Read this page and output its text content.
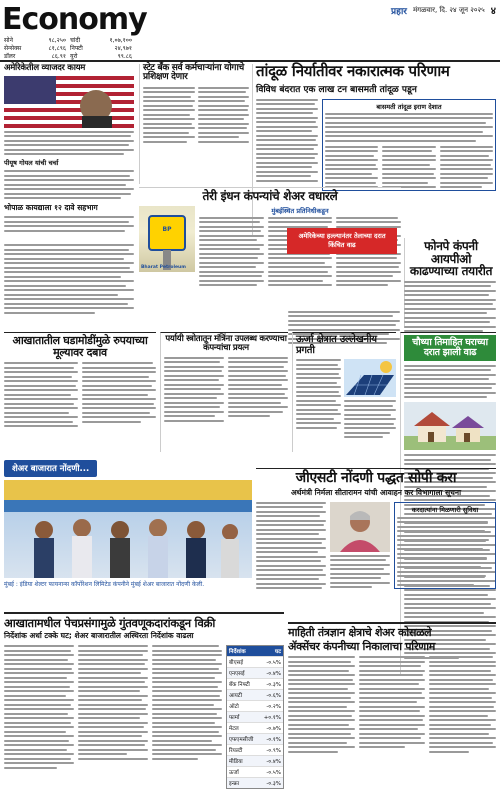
Economy
सोने	९८,२५० चांदी	१,०७,१००
सेन्सेक्स	८१,८९६ निफ्टी	२४,९७१
डॉलर	८६.९१ युरो	९९.८६
प्रहार मंगळवार, दि. २४ जून २०२५ ४
अमेरिकेतील व्याजदर कायम
पीयूष गोयल यांची चर्चा
भोपाळ कायद्याला १२ दावे सहभाग
स्टेट बँक सर्व कर्मचाऱ्यांना योगाचे प्रशिक्षण देणार	तांदूळ निर्यातीवर नकारात्मक परिणाम
विविध बंदरात एक लाख टन बासमती तांदूळ पडून
बासमती तांदूळ इराण देशात
तेरी इंधन कंपन्यांचे शेअर वधारले
BP
Bharat Petroleum
मुंबईस्थित प्रतिनिधीकडून
अमेरिकेच्या हल्ल्यानंतर तेलाच्या दरात किंचित वाढ	फोनपे कंपनी आयपीओ काढण्याच्या तयारीत
आखातातील घडामोडींमुळे रुपयाच्या मूल्यावर दबाव
पर्यायी स्त्रोतातून मंत्रिंना उपलब्ध करण्याचा कंपन्यांचा प्रयत्न
ऊर्जा क्षेत्रात उल्लेखनीय प्रगती
चौथ्या तिमाहित घराच्या दरात झाली वाढ
शेअर बाजारात नोंदणी...
मुंबई : इंडिया शेल्टर फायनान्स कॉर्पोरेशन लिमिटेड कंपनीने मुंबई शेअर बाजारात नोंदणी केली.
जीएसटी नोंदणी पद्धत सोपी करा
अर्थमंत्री निर्मला सीतारामन यांची आवाहन कर विभागाला सूचना
करदात्यांना मिळणारी सुविधा
आखातामधील पेचप्रसंगामुळे गुंतवणूकदारांकडून विक्री
निर्देशांक अर्धा टक्के घट; शेअर बाजारातील अस्थिरता निर्देशांक वाढला
निर्देशांक	घट
बीएसई	-०.५%
एनएसई	-०.४%
बँक निफ्टी	-०.३%
आयटी	-०.६%
ऑटो	-०.२%
फार्मा	+०.१%
मेटल	-०.७%
एफएमसीजी	-०.१%
रियल्टी	-०.९%
मीडिया	-०.४%
ऊर्जा	-०.५%
इन्फ्रा	-०.३%
माहिती तंत्रज्ञान क्षेत्राचे शेअर कोसळले
ॲक्सेंचर कंपनीच्या निकालाचा परिणाम
